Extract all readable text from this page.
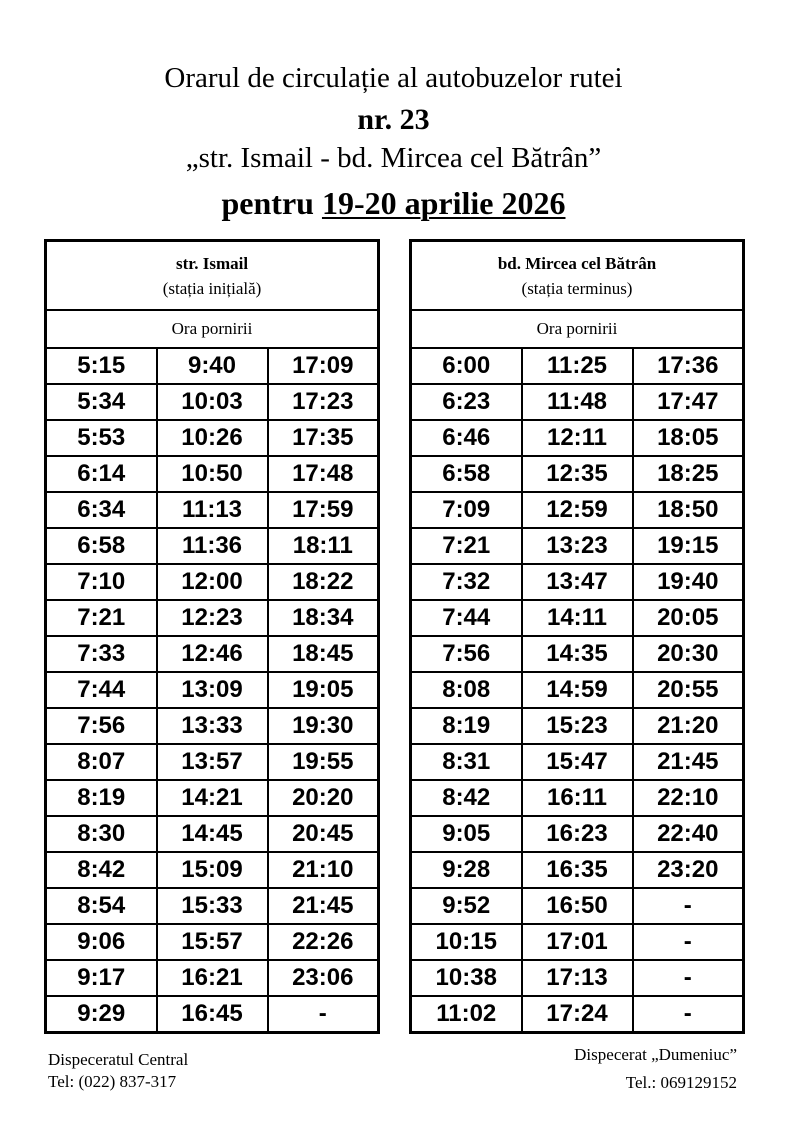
Orarul de circulație al autobuzelor rutei
nr. 23
„str. Ismail - bd. Mircea cel Bătrân”
pentru 19-20 aprilie 2026
str. Ismail
(stația inițială)		

Ora pornirii		
5:15	9:40	17:09
5:34	10:03	17:23
5:53	10:26	17:35
6:14	10:50	17:48
6:34	11:13	17:59
6:58	11:36	18:11
7:10	12:00	18:22
7:21	12:23	18:34
7:33	12:46	18:45
7:44	13:09	19:05
7:56	13:33	19:30
8:07	13:57	19:55
8:19	14:21	20:20
8:30	14:45	20:45
8:42	15:09	21:10
8:54	15:33	21:45
9:06	15:57	22:26
9:17	16:21	23:06
9:29	16:45	-
bd. Mircea cel Bătrân
(stația terminus)		

Ora pornirii		
6:00	11:25	17:36
6:23	11:48	17:47
6:46	12:11	18:05
6:58	12:35	18:25
7:09	12:59	18:50
7:21	13:23	19:15
7:32	13:47	19:40
7:44	14:11	20:05
7:56	14:35	20:30
8:08	14:59	20:55
8:19	15:23	21:20
8:31	15:47	21:45
8:42	16:11	22:10
9:05	16:23	22:40
9:28	16:35	23:20
9:52	16:50	-
10:15	17:01	-
10:38	17:13	-
11:02	17:24	-
Dispeceratul Central
Tel: (022) 837-317
Dispecerat „Dumeniuc”
Tel.: 069129152
